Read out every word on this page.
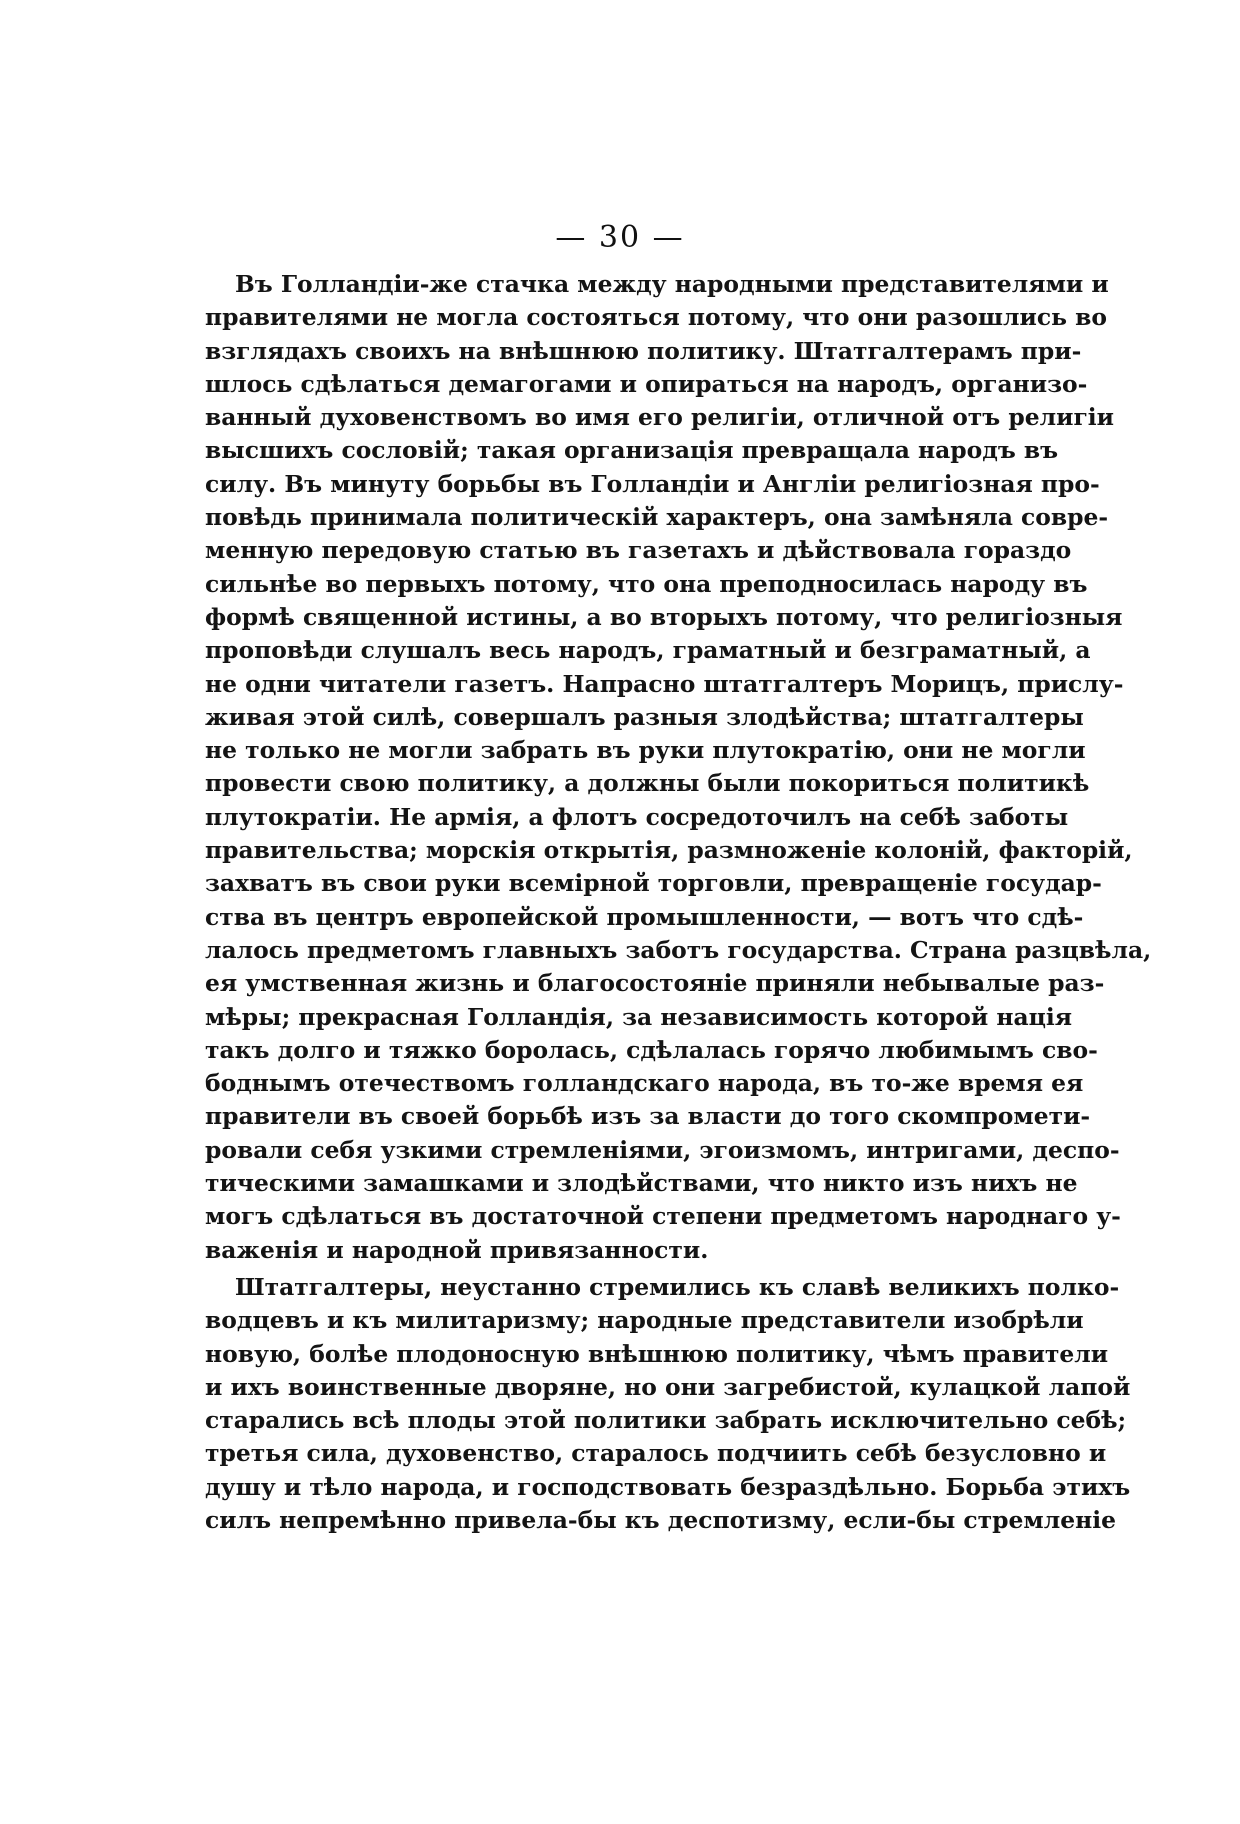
— 30 —
Въ Голландіи-же стачка между народными представителями и
правителями не могла состояться потому, что они разошлись во
взглядахъ своихъ на внѣшнюю политику. Штатгалтерамъ при-
шлось сдѣлаться демагогами и опираться на народъ, организо-
ванный духовенствомъ во имя его религіи, отличной отъ религіи
высшихъ сословій; такая организація превращала народъ въ
силу. Въ минуту борьбы въ Голландіи и Англіи религіозная про-
повѣдь принимала политическій характеръ, она замѣняла совре-
менную передовую статью въ газетахъ и дѣйствовала гораздо
сильнѣе во первыхъ потому, что она преподносилась народу въ
формѣ священной истины, а во вторыхъ потому, что религіозныя
проповѣди слушалъ весь народъ, граматный и безграматный, а
не одни читатели газетъ. Напрасно штатгалтеръ Морицъ, прислу-
живая этой силѣ, совершалъ разныя злодѣйства; штатгалтеры
не только не могли забрать въ руки плутократію, они не могли
провести свою политику, а должны были покориться политикѣ
плутократіи. Не армія, а флотъ сосредоточилъ на себѣ заботы
правительства; морскія открытія, размноженіе колоній, факторій,
захватъ въ свои руки всемірной торговли, превращеніе государ-
ства въ центръ европейской промышленности, — вотъ что сдѣ-
лалось предметомъ главныхъ заботъ государства. Страна разцвѣла,
ея умственная жизнь и благосостояніе приняли небывалые раз-
мѣры; прекрасная Голландія, за независимость которой нація
такъ долго и тяжко боролась, сдѣлалась горячо любимымъ сво-
боднымъ отечествомъ голландскаго народа, въ то-же время ея
правители въ своей борьбѣ изъ за власти до того скомпромети-
ровали себя узкими стремленіями, эгоизмомъ, интригами, деспо-
тическими замашками и злодѣйствами, что никто изъ нихъ не
могъ сдѣлаться въ достаточной степени предметомъ народнаго у-
важенія и народной привязанности.
Штатгалтеры, неустанно стремились къ славѣ великихъ полко-
водцевъ и къ милитаризму; народные представители изобрѣли
новую, болѣе плодоносную внѣшнюю политику, чѣмъ правители
и ихъ воинственные дворяне, но они загребистой, кулацкой лапой
старались всѣ плоды этой политики забрать исключительно себѣ;
третья сила, духовенство, старалось подчиить себѣ безусловно и
душу и тѣло народа, и господствовать безраздѣльно. Борьба этихъ
силъ непремѣнно привела-бы къ деспотизму, если-бы стремленіе
